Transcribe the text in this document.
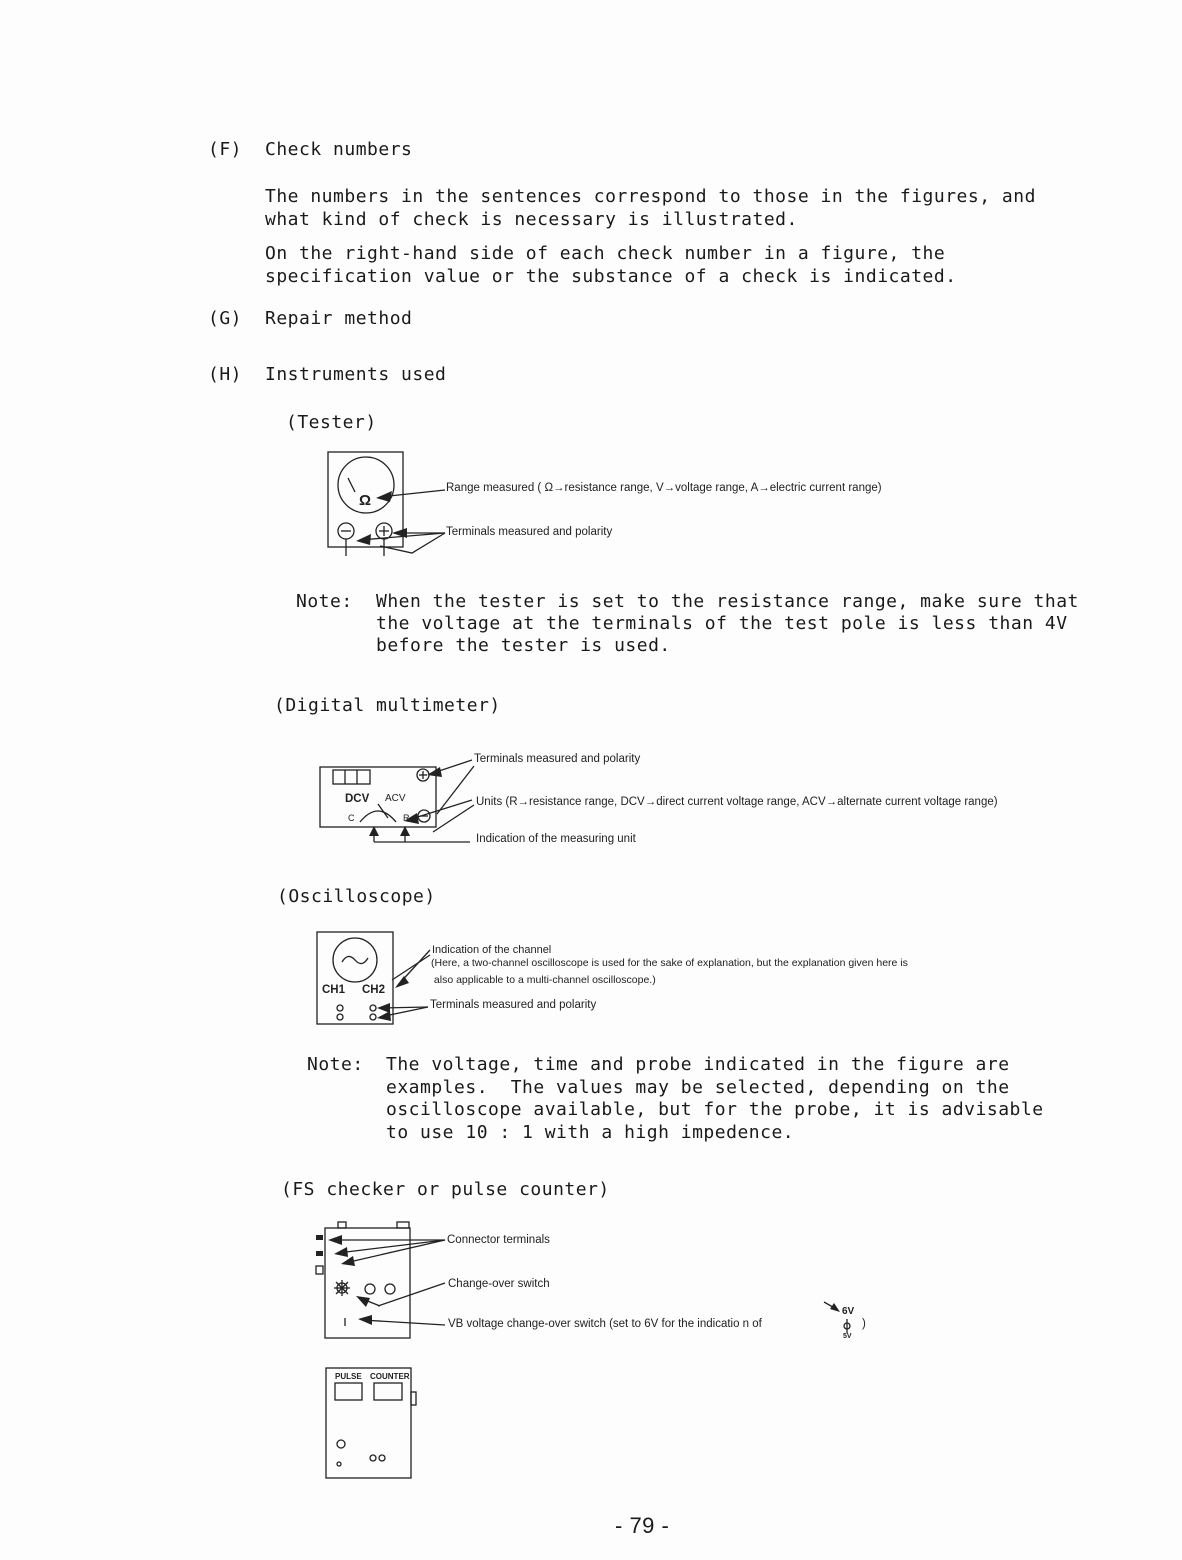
(F) Check numbers
The numbers in the sentences correspond to those in the figures, and
what kind of check is necessary is illustrated.
On the right-hand side of each check number in a figure, the
specification value or the substance of a check is indicated.
(G) Repair method
(H) Instruments used
(Tester)
Ω
Range measured ( Ω→resistance range, V→voltage range, A→electric current range)
Terminals measured and polarity
Note: When the tester is set to the resistance range, make sure that
the voltage at the terminals of the test pole is less than 4V
before the tester is used.
(Digital multimeter)
DCV ACV
C	R
Terminals measured and polarity
Units (R→resistance range, DCV→direct current voltage range, ACV→alternate current voltage range)
Indication of the measuring unit
(Oscilloscope)
CH1 CH2
Indication of the channel
(Here, a two-channel oscilloscope is used for the sake of explanation, but the explanation given here is
also applicable to a multi-channel oscilloscope.)
Terminals measured and polarity
Note: The voltage, time and probe indicated in the figure are
examples.  The values may be selected, depending on the
oscilloscope available, but for the probe, it is advisable
to use 10 : 1 with a high impedence.
(FS checker or pulse counter)
Connector terminals
Change-over switch
VB voltage change-over switch (set to 6V for the indicatio n of
6V
5V
)
PULSE COUNTER
- 79 -
